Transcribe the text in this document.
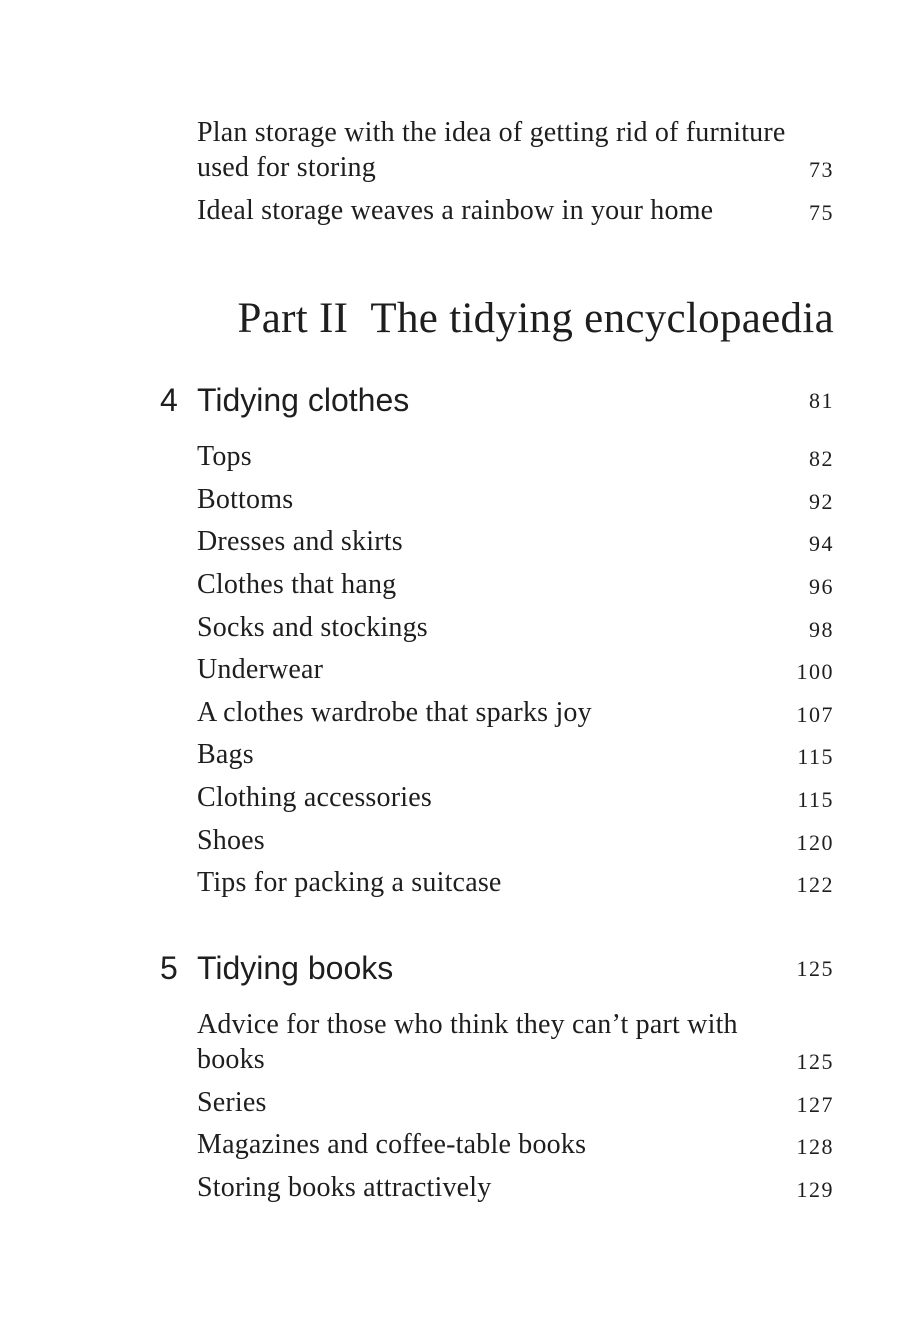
Plan storage with the idea of getting rid of furniture
used for storing	73
Ideal storage weaves a rainbow in your home	75
Part II The tidying encyclopaedia
4 Tidying clothes	81
Tops	82
Bottoms	92
Dresses and skirts	94
Clothes that hang	96
Socks and stockings	98
Underwear	100
A clothes wardrobe that sparks joy	107
Bags	115
Clothing accessories	115
Shoes	120
Tips for packing a suitcase	122
5 Tidying books	125
Advice for those who think they can’t part with
books	125
Series	127
Magazines and coffee-table books	128
Storing books attractively	129
